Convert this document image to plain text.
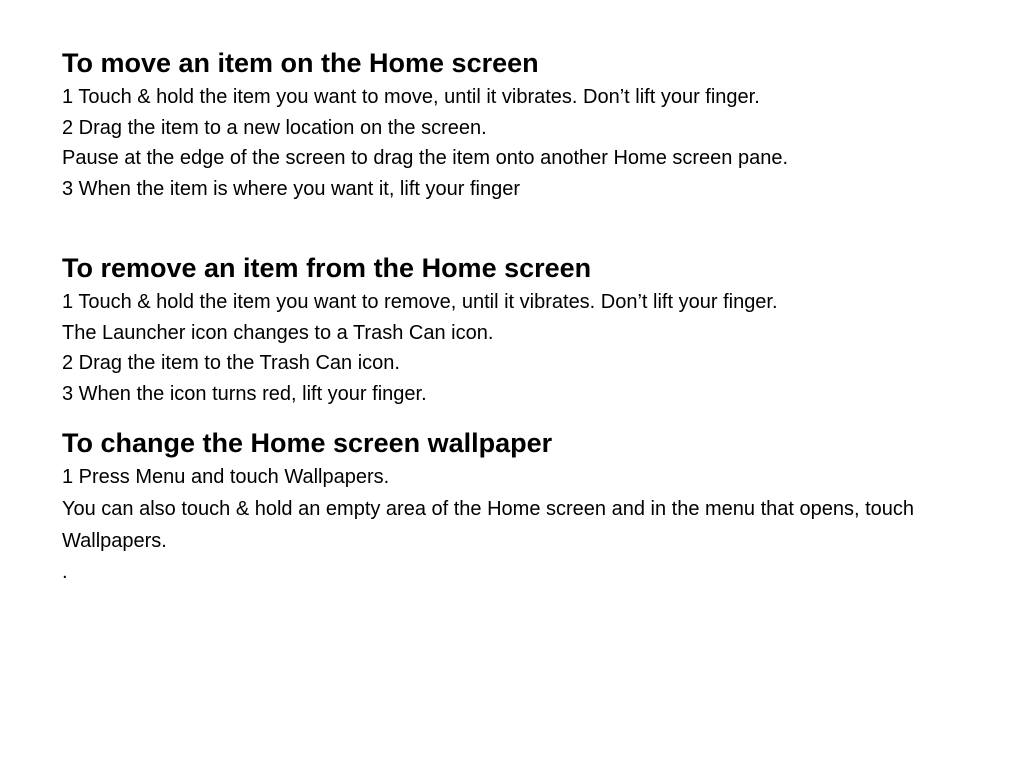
To move an item on the Home screen

1 Touch & hold the item you want to move, until it vibrates. Don’t lift your finger.

2 Drag the item to a new location on the screen.

Pause at the edge of the screen to drag the item onto another Home screen pane.

3 When the item is where you want it, lift your finger

To remove an item from the Home screen

1 Touch & hold the item you want to remove, until it vibrates. Don’t lift your finger.

The Launcher icon changes to a Trash Can icon.

2 Drag the item to the Trash Can icon.

3 When the icon turns red, lift your finger.

To change the Home screen wallpaper

1 Press Menu and touch Wallpapers.

You can also touch & hold an empty area of the Home screen and in the menu that opens, touch Wallpapers.

.
